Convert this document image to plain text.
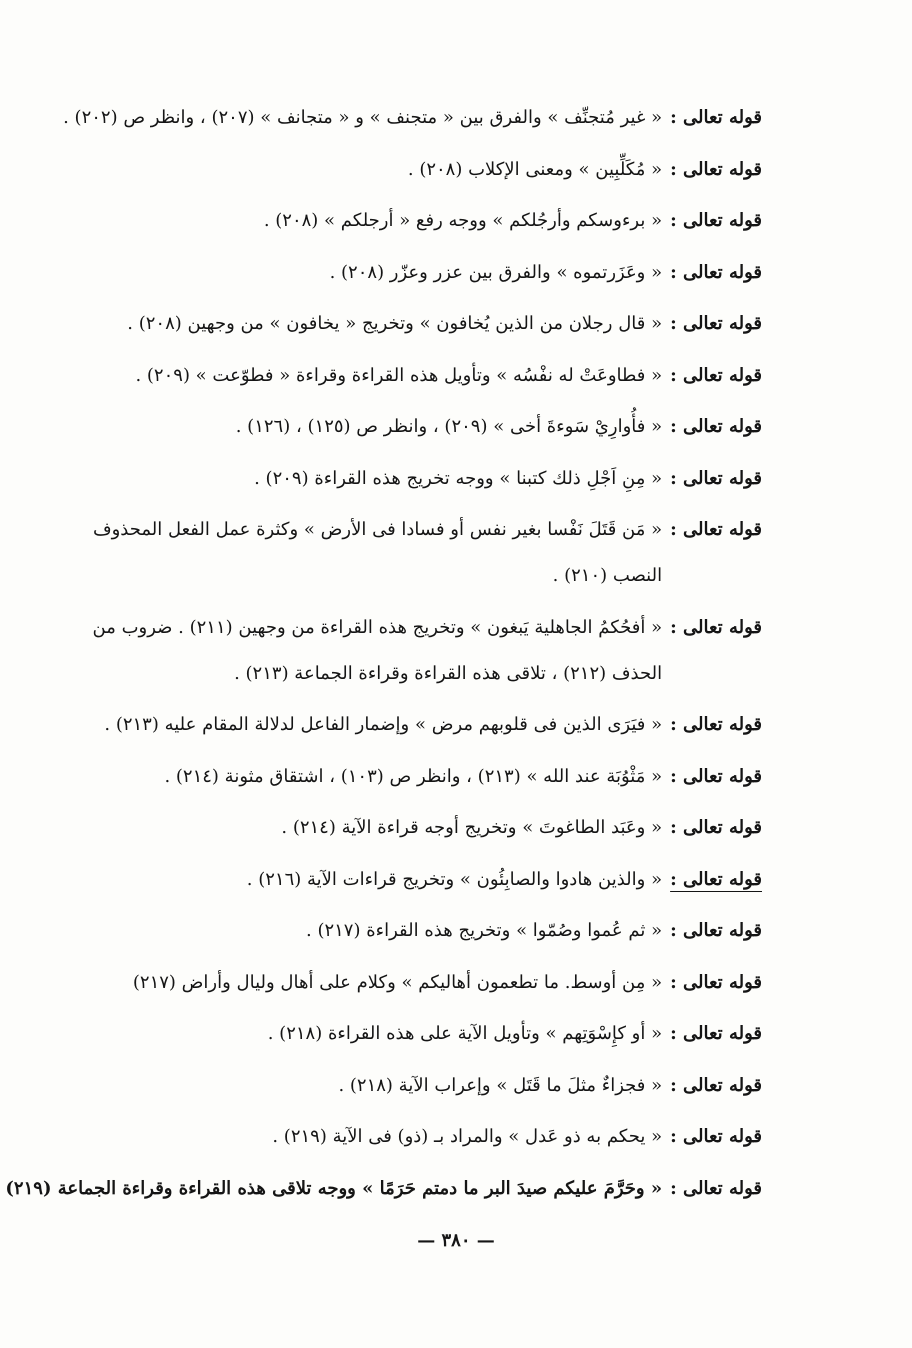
قوله تعالى :
« غير مُتجنِّف » والفرق بين « متجنف » و « متجانف » (٢٠٧) ، وانظر ص (٢٠٢) .
قوله تعالى :
« مُكَلِّبِين » ومعنى الإكلاب (٢٠٨) .
قوله تعالى :
« برءوسكم وأرجُلكم » ووجه رفع « أرجلكم » (٢٠٨) .
قوله تعالى :
« وعَزَرتموه » والفرق بين عزر وعزّر (٢٠٨) .
قوله تعالى :
« قال رجلان من الذين يُخافون » وتخريج « يخافون » من وجهين (٢٠٨) .
قوله تعالى :
« فطاوعَتْ له نفْسُه » وتأويل هذه القراءة وقراءة « فطوّعت » (٢٠٩) .
قوله تعالى :
« فأُوارِيْ سَوءةَ أخى » (٢٠٩) ، وانظر ص (١٢٥) ، (١٢٦) .
قوله تعالى :
« مِنِ اَجْلِ ذلك كتبنا » ووجه تخريج هذه القراءة (٢٠٩) .
قوله تعالى :
« مَن قَتَلَ نَفْسا بغير نفس أو فسادا فى الأرض » وكثرة عمل الفعل المحذوف النصب (٢١٠) .
قوله تعالى :
« أفحُكمُ الجاهلية يَبغون » وتخريج هذه القراءة من وجهين (٢١١) . ضروب من الحذف (٢١٢) ، تلاقى هذه القراءة وقراءة الجماعة (٢١٣) .
قوله تعالى :
« فيَرَى الذين فى قلوبهم مرض » وإضمار الفاعل لدلالة المقام عليه (٢١٣) .
قوله تعالى :
« مَثْوُبَة عند الله » (٢١٣) ، وانظر ص (١٠٣) ، اشتقاق مثونة (٢١٤) .
قوله تعالى :
« وعَبَد الطاغوتَ » وتخريج أوجه قراءة الآية (٢١٤) .
قوله تعالى :
« والذين هادوا والصابِئُون » وتخريج قراءات الآية (٢١٦) .
قوله تعالى :
« ثم عُموا وصُمّوا » وتخريج هذه القراءة (٢١٧) .
قوله تعالى :
« مِن أوسط. ما تطعمون أهاليكم » وكلام على أهال وليال وأراض (٢١٧)
قوله تعالى :
« أو كإِسْوَتِهم » وتأويل الآية على هذه القراءة (٢١٨) .
قوله تعالى :
« فجزاءٌ مثلَ ما قَتَل » وإعراب الآية (٢١٨) .
قوله تعالى :
« يحكم به ذو عَدل » والمراد بـ (ذو) فى الآية (٢١٩) .
قوله تعالى :
« وحَرَّمَ عليكم صيدَ البر ما دمتم حَرَمًا » ووجه تلاقى هذه القراءة وقراءة الجماعة (٢١٩)
— ٣٨٠ —
